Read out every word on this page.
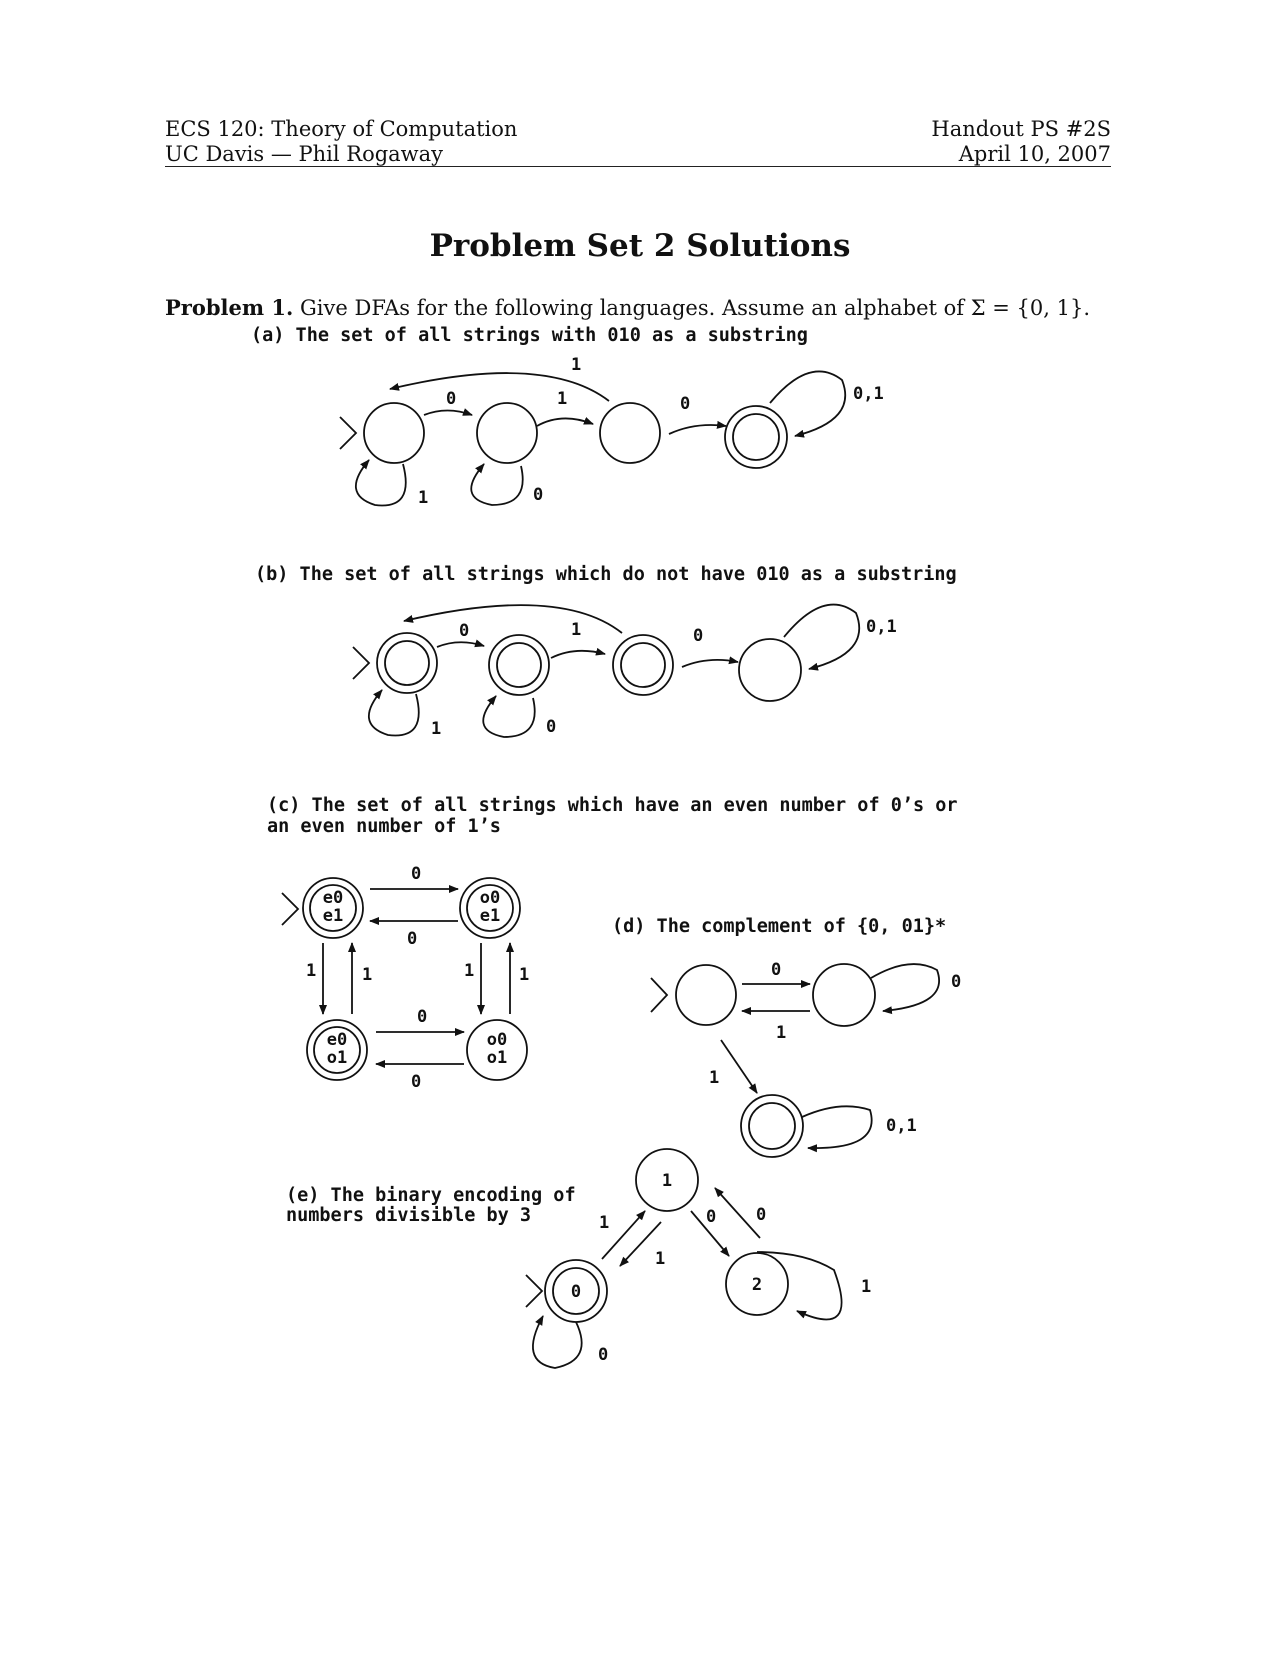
ECS 120: Theory of Computation
UC Davis — Phil Rogaway
Handout PS #2S
April 10, 2007
Problem Set 2 Solutions
Problem 1. Give DFAs for the following languages. Assume an alphabet of Σ = {0, 1}.
(a) The set of all strings with 010 as a substring
0	1	0
1
1	0
0,1
(b) The set of all strings which do not have 010 as a substring
0	1	0
1	0
0,1
(c) The set of all strings which have an even number of 0’s or
an even number of 1’s
e0
e1
o0
e1
e0
o1
o0
o1
0
0
0
0
1	1	1	1
(d) The complement of {0, 01}*
0
1
1
0
0,1
(e) The binary encoding of
numbers divisible by 3
0
1
2
1
1
0 0
1
0
